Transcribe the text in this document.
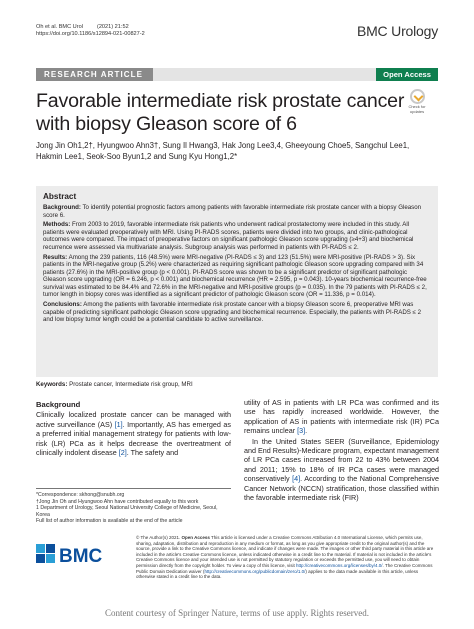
Oh et al. BMC Urol	(2021) 21:52
https://doi.org/10.1186/s12894-021-00827-2	BMC Urology
RESEARCH ARTICLE	Open Access
Favorable intermediate risk prostate cancer with biopsy Gleason score of 6
Check for updates
Jong Jin Oh1,2†, Hyungwoo Ahn3†, Sung Il Hwang3, Hak Jong Lee3,4, Gheeyoung Choe5, Sangchul Lee1, Hakmin Lee1, Seok-Soo Byun1,2 and Sung Kyu Hong1,2*
Abstract

Background: To identify potential prognostic factors among patients with favorable intermediate risk prostate cancer with a biopsy Gleason score 6.

Methods: From 2003 to 2019, favorable intermediate risk patients who underwent radical prostatectomy were included in this study. All patients were evaluated preoperatively with MRI. Using PI-RADS scores, patients were divided into two groups, and clinic-pathological outcomes were compared. The impact of preoperative factors on significant pathologic Gleason score upgrading (≥4+3) and biochemical recurrence were assessed via multivariate analysis. Subgroup analysis was performed in patients with PI-RADS ≤ 2.

Results: Among the 239 patients, 116 (48.5%) were MRI-negative (PI-RADS ≤ 3) and 123 (51.5%) were MRI-positive (PI-RADS > 3). Six patients in the MRI-negative group (5.2%) were characterized as requiring significant pathologic Gleason score upgrading compared with 34 patients (27.6%) in the MRI-positive group (p < 0.001). PI-RADS score was shown to be a significant predictor of significant pathologic Gleason score upgrading (OR = 6.246, p < 0.001) and biochemical recurrence (HR = 2.595, p = 0.043). 10-years biochemical recurrence-free survival was estimated to be 84.4% and 72.6% in the MRI-negative and MRI-positive groups (p = 0.035). In the 79 patients with PI-RADS ≤ 2, tumor length in biopsy cores was identified as a significant predictor of pathologic Gleason score (OR = 11.336, p = 0.014).

Conclusions: Among the patients with favorable intermediate risk prostate cancer with a biopsy Gleason score 6, preoperative MRI was capable of predicting significant pathologic Gleason score upgrading and biochemical recurrence. Especially, the patients with PI-RADS ≤ 2 and low biopsy tumor length could be a potential candidate to active surveillance.

Keywords: Prostate cancer, Intermediate risk group, MRI
Background

Clinically localized prostate cancer can be managed with active surveillance (AS) [1]. Importantly, AS has emerged as a preferred initial management strategy for patients with low-risk (LR) PCa as it helps decrease the overtreatment of clinically indolent disease [2]. The safety and

*Correspondence: skhong@snubh.org
†Jong Jin Oh and Hyungwoo Ahn have contributed equally to this work
1 Department of Urology, Seoul National University College of Medicine, Seoul, Korea
Full list of author information is available at the end of the article

utility of AS in patients with LR PCa was confirmed and its use has rapidly increased worldwide. However, the application of AS in patients with intermediate risk (IR) PCa remains unclear [3].

In the United States SEER (Surveillance, Epidemiology and End Results)-Medicare program, expectant management of LR PCa cases increased from 22 to 43% between 2004 and 2011; 15% to 18% of IR PCa cases were managed conservatively [4]. According to the National Comprehensive Cancer Network (NCCN) stratification, those classified within the favorable intermediate risk (FIR)

BMC
© The Author(s) 2021. Open Access This article is licensed under a Creative Commons Attribution 4.0 International License, which permits use, sharing, adaptation, distribution and reproduction in any medium or format, as long as you give appropriate credit to the original author(s) and the source, provide a link to the Creative Commons licence, and indicate if changes were made. The images or other third party material in this article are included in the article's Creative Commons licence, unless indicated otherwise in a credit line to the material. If material is not included in the article's Creative Commons licence and your intended use is not permitted by statutory regulation or exceeds the permitted use, you will need to obtain permission directly from the copyright holder. To view a copy of this licence, visit http://creativecommons.org/licenses/by/4.0/. The Creative Commons Public Domain Dedication waiver (http://creativecommons.org/publicdomain/zero/1.0/) applies to the data made available in this article, unless otherwise stated in a credit line to the data.
Content courtesy of Springer Nature, terms of use apply. Rights reserved.
